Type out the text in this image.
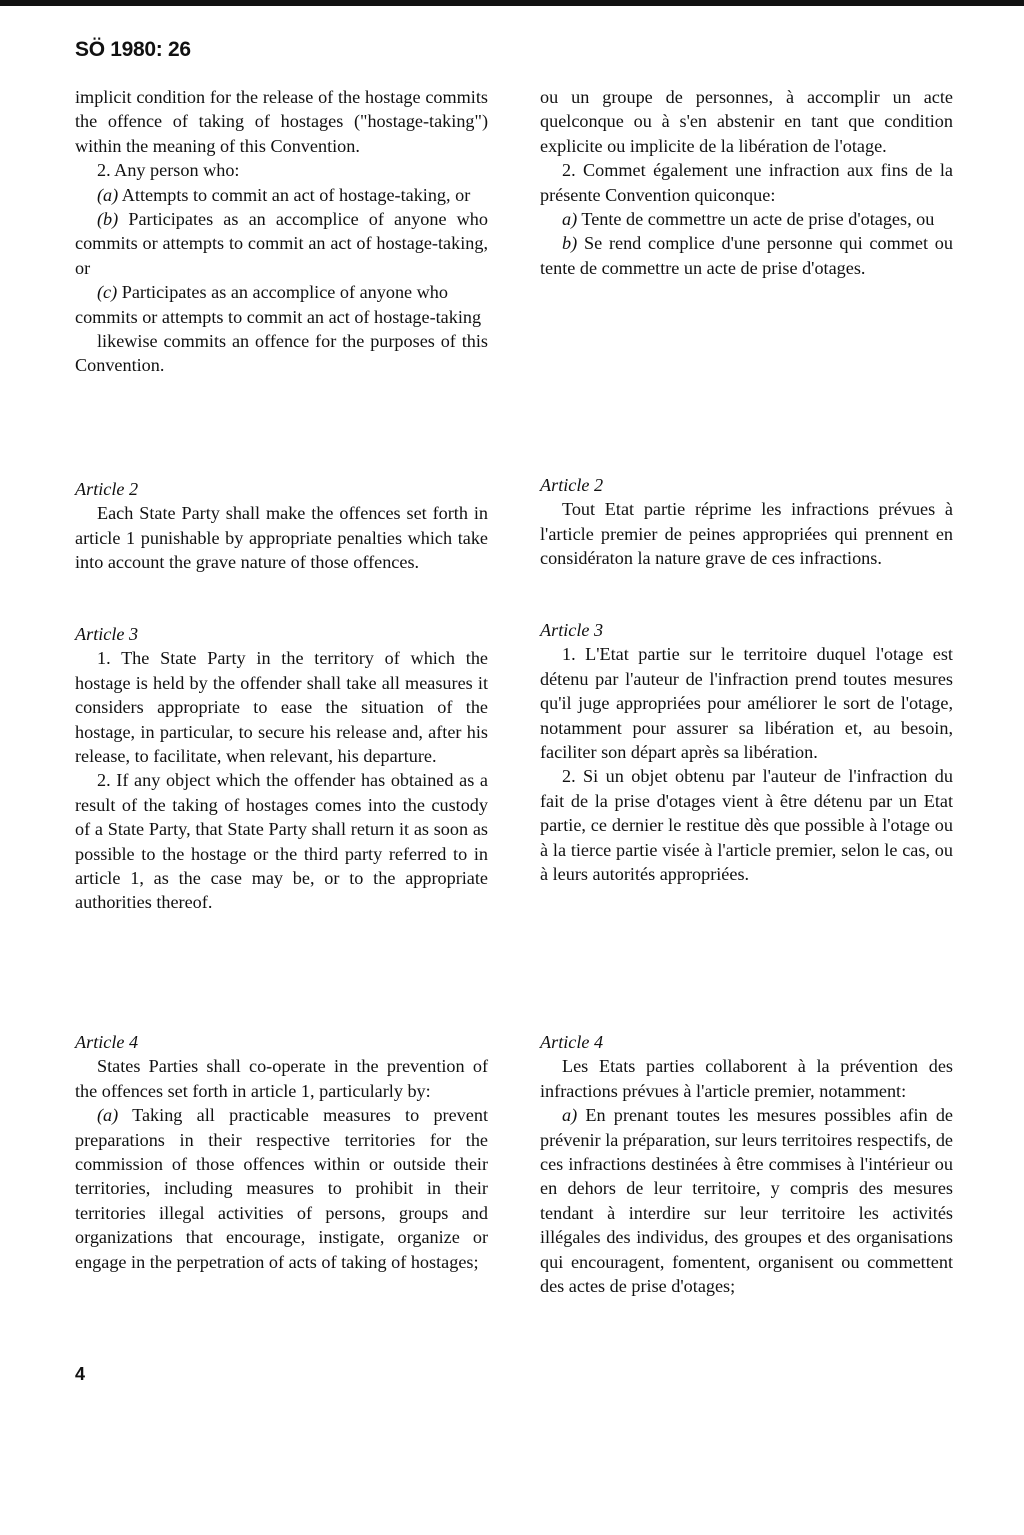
SÖ 1980: 26

implicit condition for the release of the hostage commits the offence of taking of hostages ("hostage-taking") within the meaning of this Convention.

2. Any person who:

(a) Attempts to commit an act of hostage-taking, or

(b) Participates as an accomplice of anyone who commits or attempts to commit an act of hostage-taking, or

(c) Participates as an accomplice of anyone who commits or attempts to commit an act of hostage-taking

likewise commits an offence for the purposes of this Convention.

ou un groupe de personnes, à accomplir un acte quelconque ou à s'en abstenir en tant que condition explicite ou implicite de la libération de l'otage.

2. Commet également une infraction aux fins de la présente Convention quiconque:

a) Tente de commettre un acte de prise d'otages, ou

b) Se rend complice d'une personne qui commet ou tente de commettre un acte de prise d'otages.

Article 2

Each State Party shall make the offences set forth in article 1 punishable by appropriate penalties which take into account the grave nature of those offences.

Article 2

Tout Etat partie réprime les infractions prévues à l'article premier de peines appropriées qui prennent en considératon la nature grave de ces infractions.

Article 3

1. The State Party in the territory of which the hostage is held by the offender shall take all measures it considers appropriate to ease the situation of the hostage, in particular, to secure his release and, after his release, to facilitate, when relevant, his departure.

2. If any object which the offender has obtained as a result of the taking of hostages comes into the custody of a State Party, that State Party shall return it as soon as possible to the hostage or the third party referred to in article 1, as the case may be, or to the appropriate authorities thereof.

Article 3

1. L'Etat partie sur le territoire duquel l'otage est détenu par l'auteur de l'infraction prend toutes mesures qu'il juge appropriées pour améliorer le sort de l'otage, notamment pour assurer sa libération et, au besoin, faciliter son départ après sa libération.

2. Si un objet obtenu par l'auteur de l'infraction du fait de la prise d'otages vient à être détenu par un Etat partie, ce dernier le restitue dès que possible à l'otage ou à la tierce partie visée à l'article premier, selon le cas, ou à leurs autorités appropriées.

Article 4

States Parties shall co-operate in the prevention of the offences set forth in article 1, particularly by:

(a) Taking all practicable measures to prevent preparations in their respective territories for the commission of those offences within or outside their territories, including measures to prohibit in their territories illegal activities of persons, groups and organizations that encourage, instigate, organize or engage in the perpetration of acts of taking of hostages;

Article 4

Les Etats parties collaborent à la prévention des infractions prévues à l'article premier, notamment:

a) En prenant toutes les mesures possibles afin de prévenir la préparation, sur leurs territoires respectifs, de ces infractions destinées à être commises à l'intérieur ou en dehors de leur territoire, y compris des mesures tendant à interdire sur leur territoire les activités illégales des individus, des groupes et des organisations qui encouragent, fomentent, organisent ou commettent des actes de prise d'otages;

4
